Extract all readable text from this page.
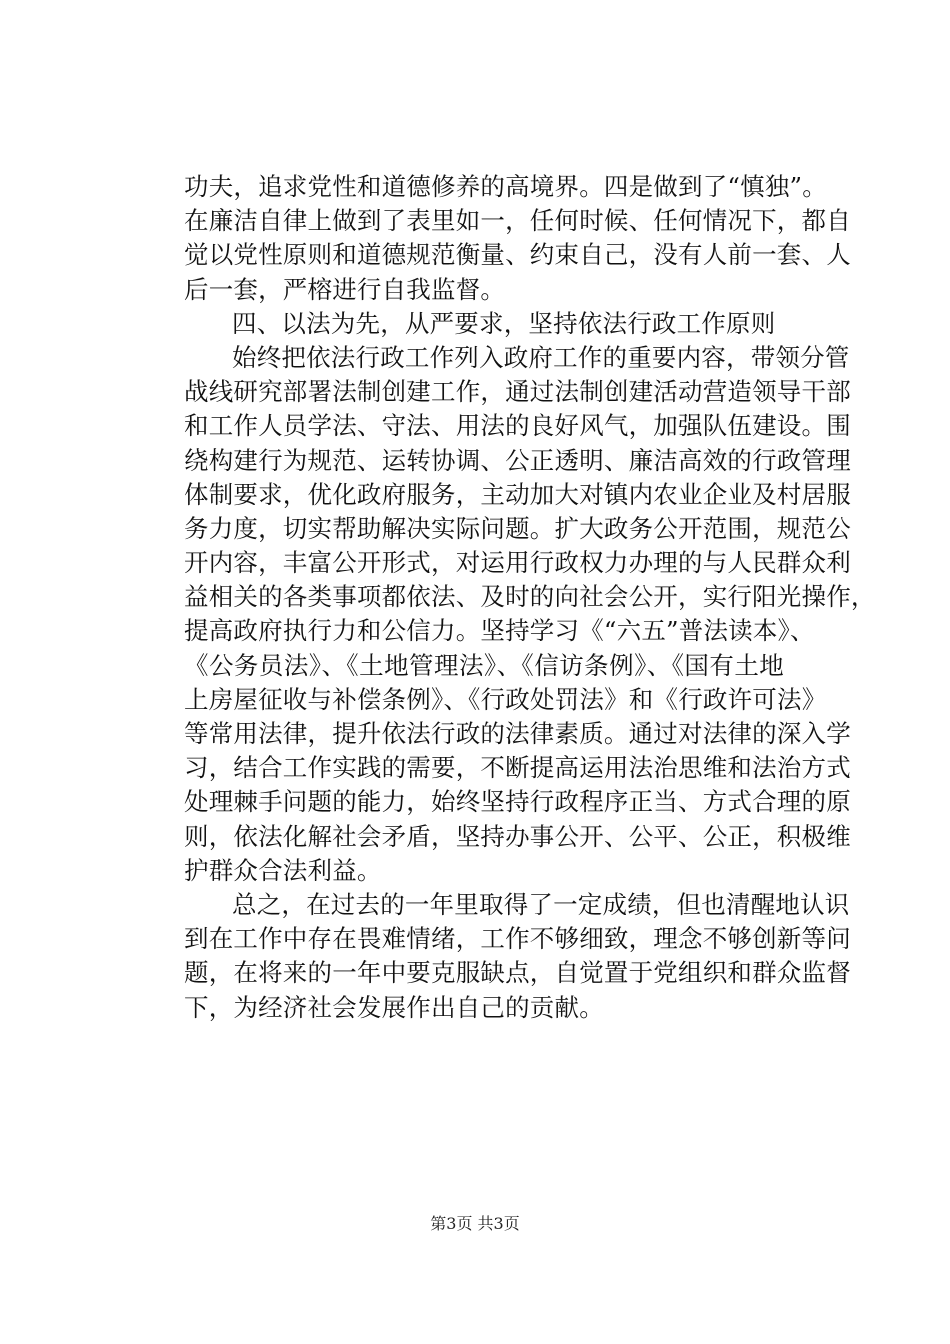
功夫，追求党性和道德修养的高境界。四是做到了“慎独”。
在廉洁自律上做到了表里如一，任何时候、任何情况下，都自
觉以党性原则和道德规范衡量、约束自己，没有人前一套、人
后一套，严榕进行自我监督。
四、以法为先，从严要求，坚持依法行政工作原则
始终把依法行政工作列入政府工作的重要内容，带领分管
战线研究部署法制创建工作，通过法制创建活动营造领导干部
和工作人员学法、守法、用法的良好风气，加强队伍建设。围
绕构建行为规范、运转协调、公正透明、廉洁高效的行政管理
体制要求，优化政府服务，主动加大对镇内农业企业及村居服
务力度，切实帮助解决实际问题。扩大政务公开范围，规范公
开内容，丰富公开形式，对运用行政权力办理的与人民群众利
益相关的各类事项都依法、及时的向社会公开，实行阳光操作，
提高政府执行力和公信力。坚持学习《“六五”普法读本》、
《公务员法》、《土地管理法》、《信访条例》、《国有土地
上房屋征收与补偿条例》、《行政处罚法》和《行政许可法》
等常用法律，提升依法行政的法律素质。通过对法律的深入学
习，结合工作实践的需要，不断提高运用法治思维和法治方式
处理棘手问题的能力，始终坚持行政程序正当、方式合理的原
则，依法化解社会矛盾，坚持办事公开、公平、公正，积极维
护群众合法利益。
总之，在过去的一年里取得了一定成绩，但也清醒地认识
到在工作中存在畏难情绪，工作不够细致，理念不够创新等问
题，在将来的一年中要克服缺点，自觉置于党组织和群众监督
下，为经济社会发展作出自己的贡献。
第3页 共3页
